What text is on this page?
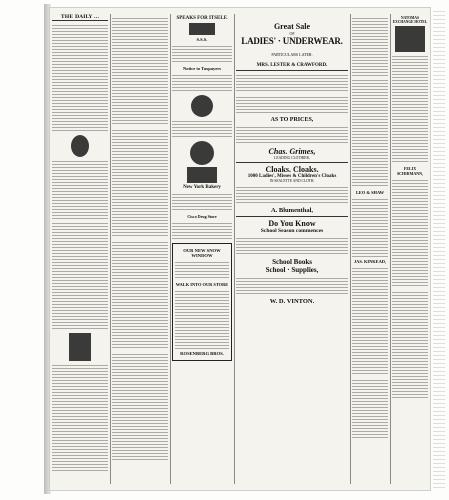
THE DAILY ...	SPEAKS FOR ITSELF.
S.S.S.
Notice to Taxpayers
New York Bakery
Cisco Drug Store
OUR NEW SNOW WINDOW
WALK INTO OUR STORE
ROSENBERG BROS.
Great Sale
OF
LADIES' · UNDERWEAR.
PARTICULARS LATER.
MRS. LESTER & CRAWFORD.
AS TO PRICES,
Chas. Grimes,
LEADING CLOTHIER,
Cloaks. Cloaks.
1000 Ladies', Misses & Children's Cloaks
IN SEALETTE AND CLOTH.
A. Blumenthal,
Do You Know
School Season commences
School Books
School · Supplies,
W. D. VINTON.
LEO & SHAW
JAS. KINKEAD,
NATOMAS EXCHANGE HOTEL
FELIX SCHIRMANN,
